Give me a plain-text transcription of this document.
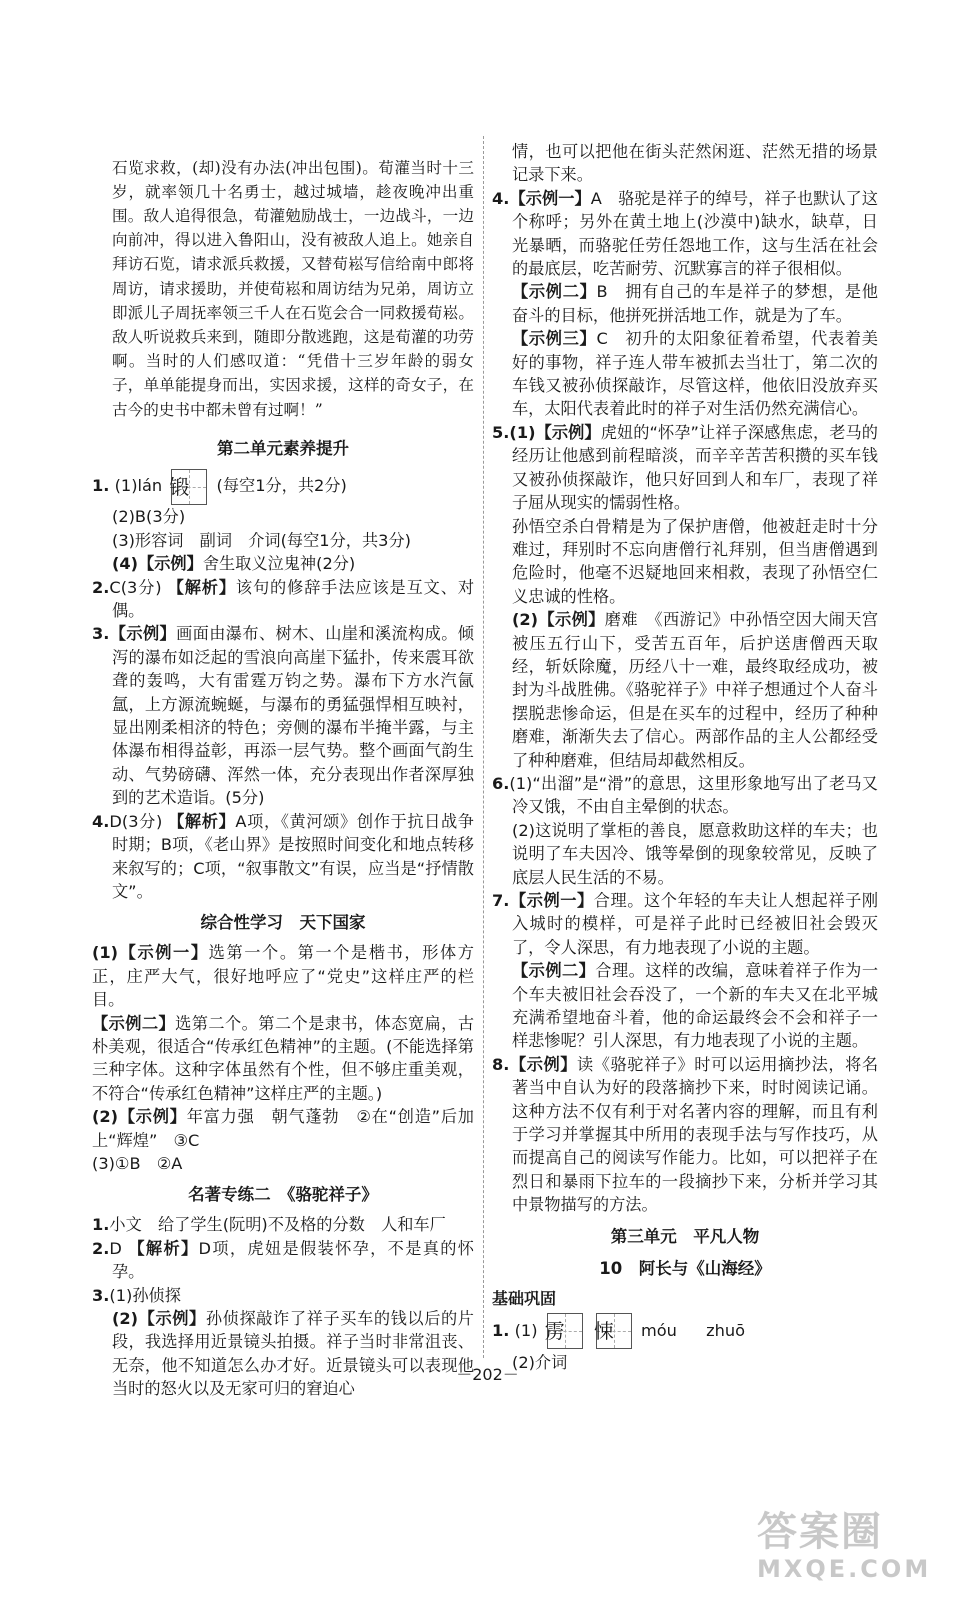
石览求救，(却)没有办法(冲出包围)。荀灌当时十三岁，就率领几十名勇士，越过城墙，趁夜晚冲出重围。敌人追得很急，荀灌勉励战士，一边战斗，一边向前冲，得以进入鲁阳山，没有被敌人追上。她亲自拜访石览，请求派兵救援，又替荀崧写信给南中郎将周访，请求援助，并使荀崧和周访结为兄弟，周访立即派儿子周抚率领三千人在石览会合一同救援荀崧。敌人听说救兵来到，随即分散逃跑，这是荀灌的功劳啊。当时的人们感叹道：“凭借十三岁年龄的弱女子，单单能提身而出，实因求援，这样的奇女子，在古今的史书中都未曾有过啊！”

第二单元素养提升

1. (1)lán 锻 (每空1分，共2分)

(2)B(3分)

(3)形容词　副词　介词(每空1分，共3分)

(4)【示例】舍生取义泣鬼神(2分)

2.C(3分) 【解析】该句的修辞手法应该是互文、对偶。

3.【示例】画面由瀑布、树木、山崖和溪流构成。倾泻的瀑布如泛起的雪浪向高崖下猛扑，传来震耳欲聋的轰鸣，大有雷霆万钧之势。瀑布下方水汽氤氲，上方源流蜿蜒，与瀑布的勇猛强悍相互映衬，显出刚柔相济的特色；旁侧的瀑布半掩半露，与主体瀑布相得益彰，再添一层气势。整个画面气韵生动、气势磅礴、浑然一体，充分表现出作者深厚独到的艺术造诣。(5分)

4.D(3分) 【解析】A项，《黄河颂》创作于抗日战争时期；B项，《老山界》是按照时间变化和地点转移来叙写的；C项，“叙事散文”有误，应当是“抒情散文”。

综合性学习　天下国家

(1)【示例一】选第一个。第一个是楷书，形体方正，庄严大气，很好地呼应了“党史”这样庄严的栏目。

【示例二】选第二个。第二个是隶书，体态宽扁，古朴美观，很适合“传承红色精神”的主题。(不能选择第三种字体。这种字体虽然有个性，但不够庄重美观，不符合“传承红色精神”这样庄严的主题。)

(2)【示例】年富力强　朝气蓬勃　②在“创造”后加上“辉煌”　③C

(3)①B　②A

名著专练二　《骆驼祥子》

1.小文　给了学生(阮明)不及格的分数　人和车厂

2.D 【解析】D项，虎妞是假装怀孕，不是真的怀孕。

3.(1)孙侦探

(2)【示例】孙侦探敲诈了祥子买车的钱以后的片段，我选择用近景镜头拍摄。祥子当时非常沮丧、无奈，他不知道怎么办才好。近景镜头可以表现他当时的怒火以及无家可归的窘迫心

情，也可以把他在街头茫然闲逛、茫然无措的场景记录下来。

4.【示例一】A　骆驼是祥子的绰号，祥子也默认了这个称呼；另外在黄土地上(沙漠中)缺水，缺草，日光暴晒，而骆驼任劳任怨地工作，这与生活在社会的最底层，吃苦耐劳、沉默寡言的祥子很相似。

【示例二】B　拥有自己的车是祥子的梦想，是他奋斗的目标，他拼死拼活地工作，就是为了车。

【示例三】C　初升的太阳象征着希望，代表着美好的事物，祥子连人带车被抓去当壮丁，第二次的车钱又被孙侦探敲诈，尽管这样，他依旧没放弃买车，太阳代表着此时的祥子对生活仍然充满信心。

5.(1)【示例】虎妞的“怀孕”让祥子深感焦虑，老马的经历让他感到前程暗淡，而辛辛苦苦积攒的买车钱又被孙侦探敲诈，他只好回到人和车厂，表现了祥子屈从现实的懦弱性格。

孙悟空杀白骨精是为了保护唐僧，他被赶走时十分难过，拜别时不忘向唐僧行礼拜别，但当唐僧遇到危险时，他毫不迟疑地回来相救，表现了孙悟空仁义忠诚的性格。

(2)【示例】磨难　《西游记》中孙悟空因大闹天宫被压五行山下，受苦五百年，后护送唐僧西天取经，斩妖除魔，历经八十一难，最终取经成功，被封为斗战胜佛。《骆驼祥子》中祥子想通过个人奋斗摆脱悲惨命运，但是在买车的过程中，经历了种种磨难，渐渐失去了信心。两部作品的主人公都经受了种种磨难，但结局却截然相反。

6.(1)“出溜”是“滑”的意思，这里形象地写出了老马又冷又饿，不由自主晕倒的状态。

(2)这说明了掌柜的善良，愿意救助这样的车夫；也说明了车夫因冷、饿等晕倒的现象较常见，反映了底层人民生活的不易。

7.【示例一】合理。这个年轻的车夫让人想起祥子刚入城时的模样，可是祥子此时已经被旧社会毁灭了，令人深思，有力地表现了小说的主题。

【示例二】合理。这样的改编，意味着祥子作为一个车夫被旧社会吞没了，一个新的车夫又在北平城充满希望地奋斗着，他的命运最终会不会和祥子一样悲惨呢？引人深思，有力地表现了小说的主题。

8.【示例】读《骆驼祥子》时可以运用摘抄法，将名著当中自认为好的段落摘抄下来，时时阅读记诵。这种方法不仅有利于对名著内容的理解，而且有利于学习并掌握其中所用的表现手法与写作技巧，从而提高自己的阅读写作能力。比如，可以把祥子在烈日和暴雨下拉车的一段摘抄下来，分析并学习其中景物描写的方法。

第三单元　平凡人物
10　阿长与《山海经》
基础巩固

1. (1) 雳 悚 móu zhuō

(2)介词

－202－
答案圈
MXQE.COM
